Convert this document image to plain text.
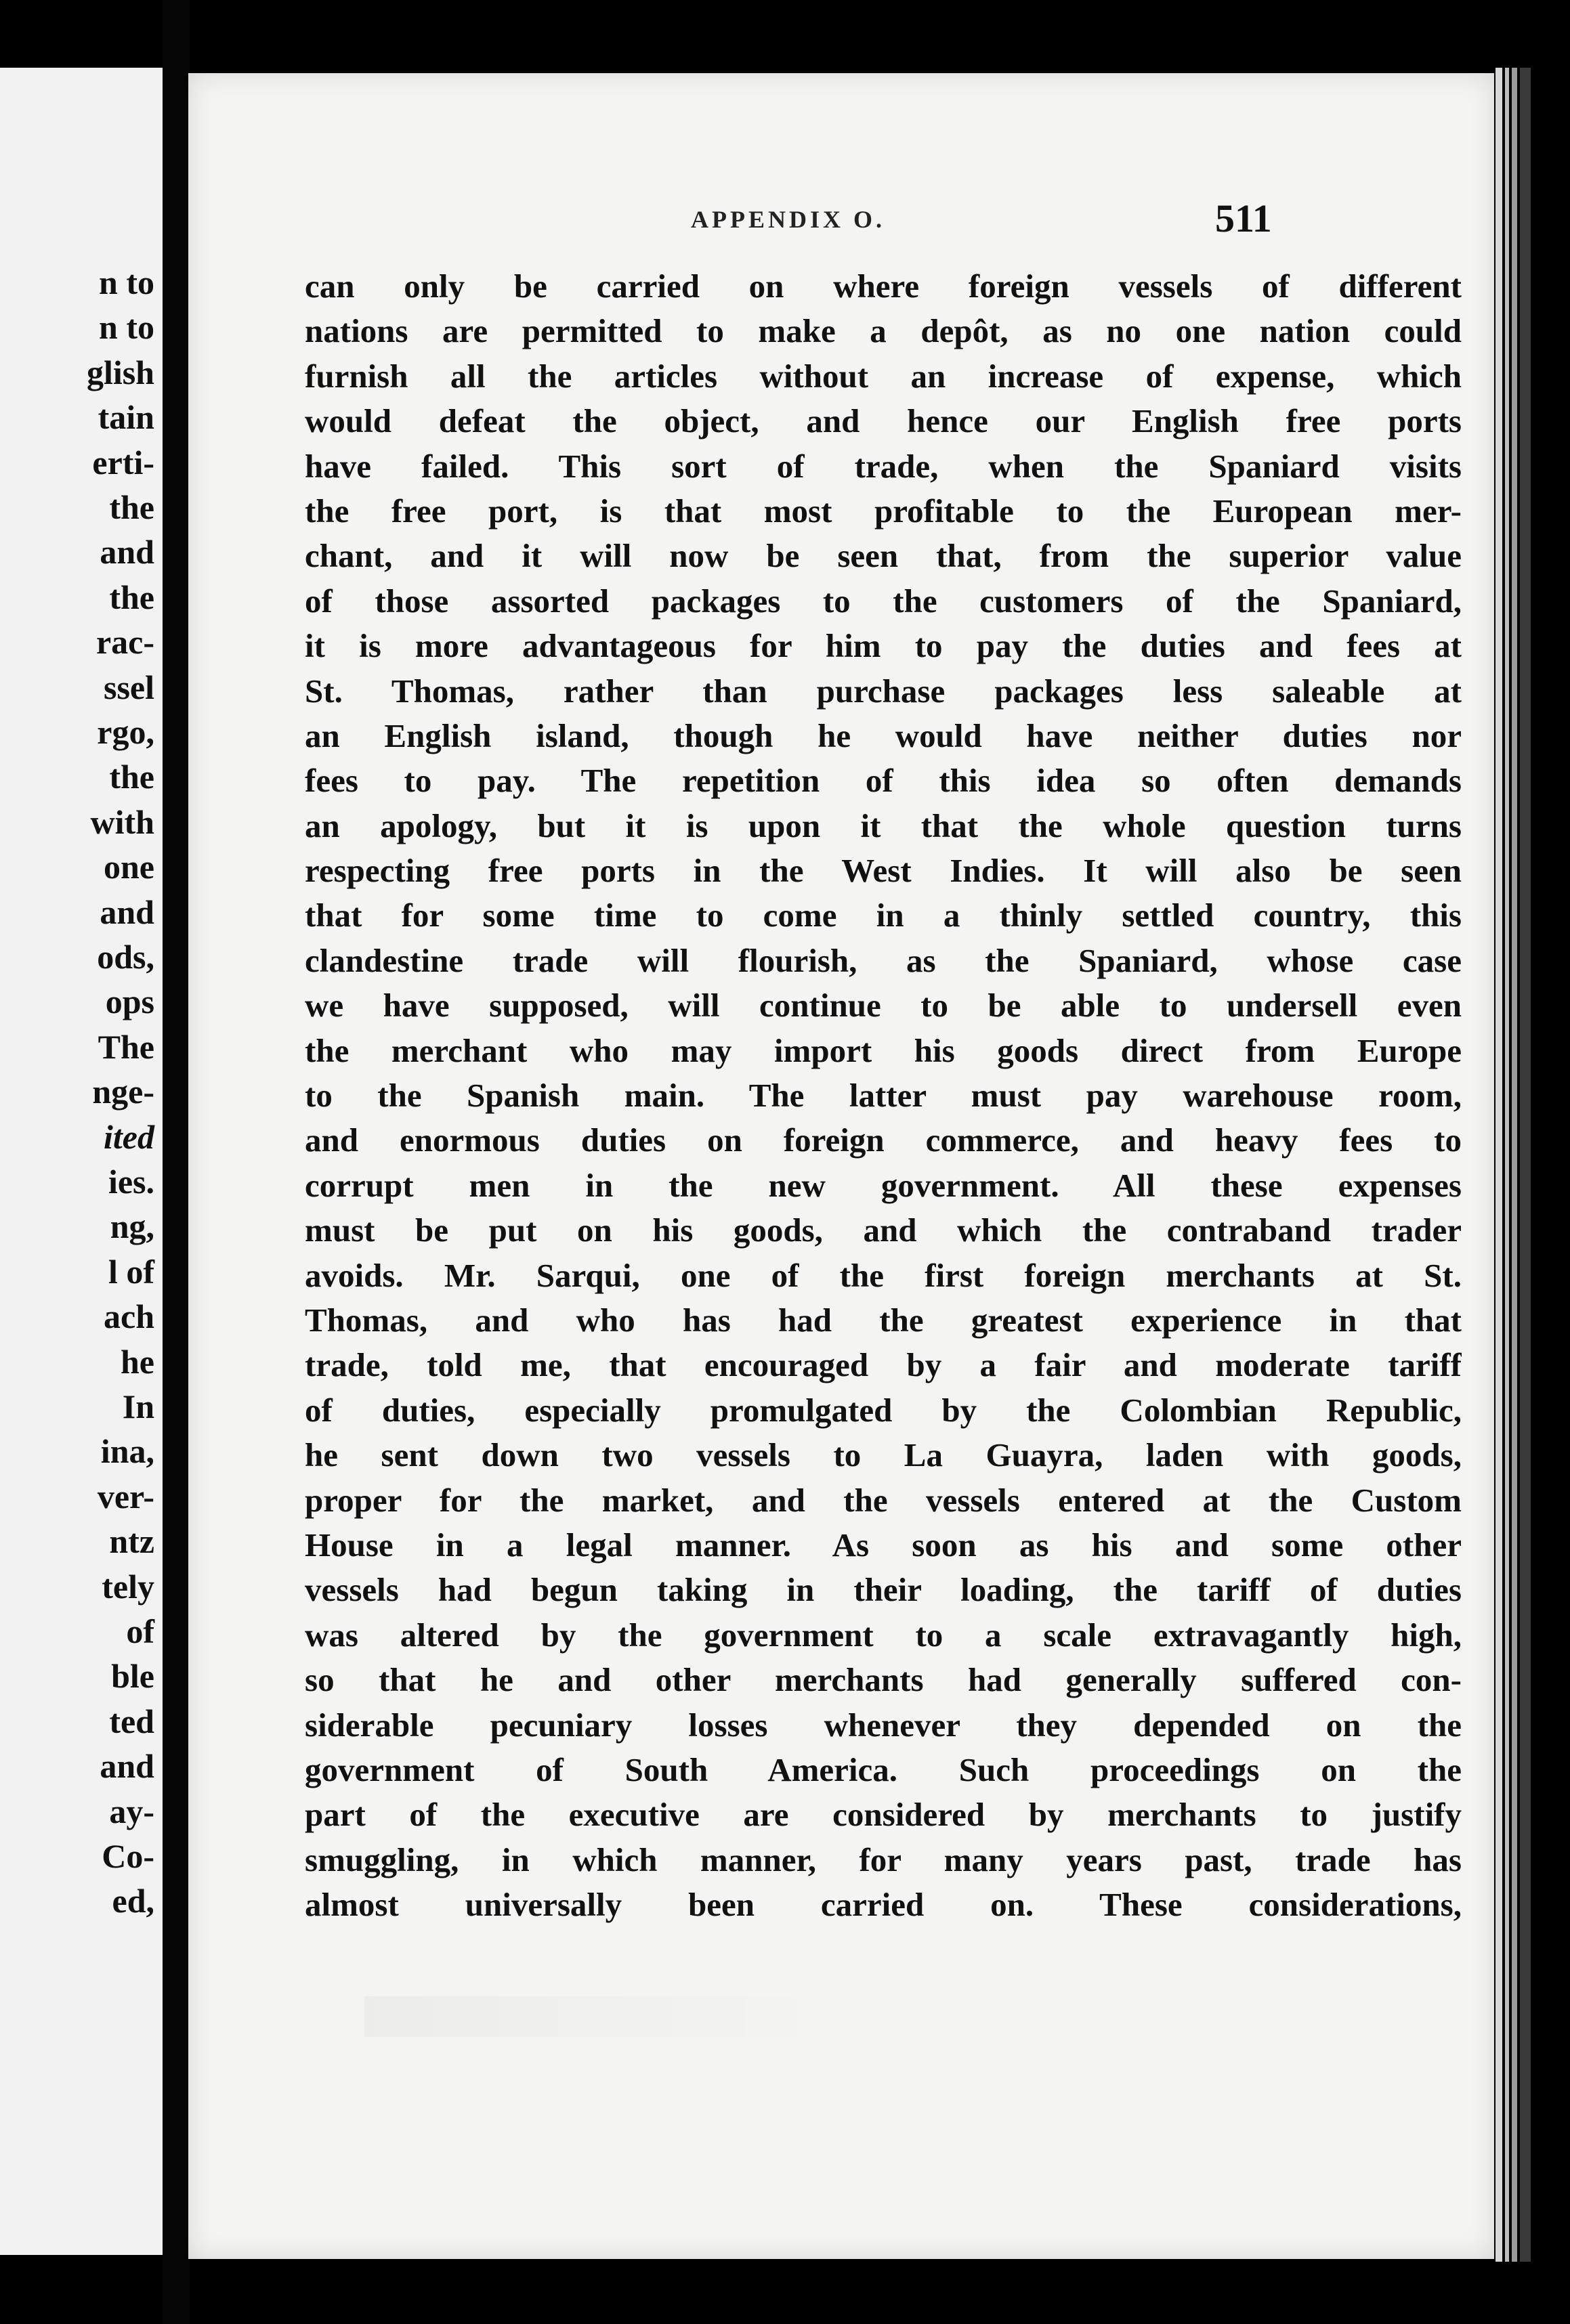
n to
n to
glish
tain
erti-
the
and
the
rac-
ssel
rgo,
the
with
one
and
ods,
ops
The
nge-
ited
ies.
ng,
l of
ach
he
In
ina,
ver-
ntz
tely
of
ble
ted
and
ay-
Co-
ed,
APPENDIX O.	511
can only be carried on where foreign vessels of different
nations are permitted to make a depôt, as no one nation could
furnish all the articles without an increase of expense, which
would defeat the object, and hence our English free ports
have failed. This sort of trade, when the Spaniard visits
the free port, is that most profitable to the European mer-
chant, and it will now be seen that, from the superior value
of those assorted packages to the customers of the Spaniard,
it is more advantageous for him to pay the duties and fees at
St. Thomas, rather than purchase packages less saleable at
an English island, though he would have neither duties nor
fees to pay. The repetition of this idea so often demands
an apology, but it is upon it that the whole question turns
respecting free ports in the West Indies. It will also be seen
that for some time to come in a thinly settled country, this
clandestine trade will flourish, as the Spaniard, whose case
we have supposed, will continue to be able to undersell even
the merchant who may import his goods direct from Europe
to the Spanish main. The latter must pay warehouse room,
and enormous duties on foreign commerce, and heavy fees to
corrupt men in the new government. All these expenses
must be put on his goods, and which the contraband trader
avoids. Mr. Sarqui, one of the first foreign merchants at St.
Thomas, and who has had the greatest experience in that
trade, told me, that encouraged by a fair and moderate tariff
of duties, especially promulgated by the Colombian Republic,
he sent down two vessels to La Guayra, laden with goods,
proper for the market, and the vessels entered at the Custom
House in a legal manner. As soon as his and some other
vessels had begun taking in their loading, the tariff of duties
was altered by the government to a scale extravagantly high,
so that he and other merchants had generally suffered con-
siderable pecuniary losses whenever they depended on the
government of South America. Such proceedings on the
part of the executive are considered by merchants to justify
smuggling, in which manner, for many years past, trade has
almost universally been carried on. These considerations,
